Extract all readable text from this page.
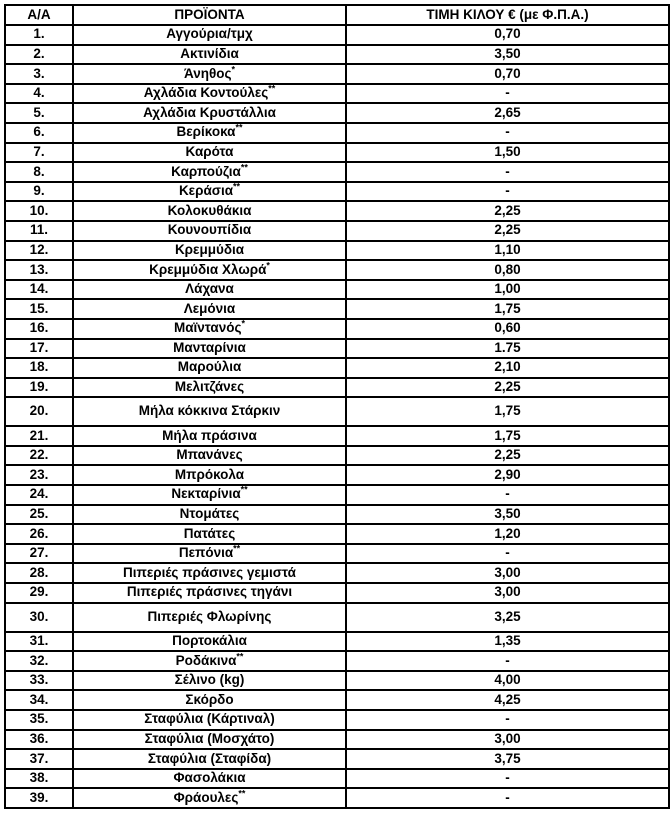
Α/Α	ΠΡΟΪΟΝΤΑ	ΤΙΜΗ ΚΙΛΟΥ € (με Φ.Π.Α.)
1.	Αγγούρια/τμχ	0,70
2.	Ακτινίδια	3,50
3.	Άνηθος*	0,70
4.	Αχλάδια Κοντούλες**	-
5.	Αχλάδια Κρυστάλλια	2,65
6.	Βερίκοκα**	-
7.	Καρότα	1,50
8.	Καρπούζια**	-
9.	Κεράσια**	-
10.	Κολοκυθάκια	2,25
11.	Κουνουπίδια	2,25
12.	Κρεμμύδια	1,10
13.	Κρεμμύδια Χλωρά*	0,80
14.	Λάχανα	1,00
15.	Λεμόνια	1,75
16.	Μαϊντανός*	0,60
17.	Μανταρίνια	1.75
18.	Μαρούλια	2,10
19.	Μελιτζάνες	2,25
20.	Μήλα κόκκινα Στάρκιν	1,75
21.	Μήλα πράσινα	1,75
22.	Μπανάνες	2,25
23.	Μπρόκολα	2,90
24.	Νεκταρίνια**	-
25.	Ντομάτες	3,50
26.	Πατάτες	1,20
27.	Πεπόνια**	-
28.	Πιπεριές πράσινες γεμιστά	3,00
29.	Πιπεριές πράσινες τηγάνι	3,00
30.	Πιπεριές Φλωρίνης	3,25
31.	Πορτοκάλια	1,35
32.	Ροδάκινα**	-
33.	Σέλινο (kg)	4,00
34.	Σκόρδο	4,25
35.	Σταφύλια (Κάρτιναλ)	-
36.	Σταφύλια (Μοσχάτο)	3,00
37.	Σταφύλια (Σταφίδα)	3,75
38.	Φασολάκια	-
39.	Φράουλες**	-
